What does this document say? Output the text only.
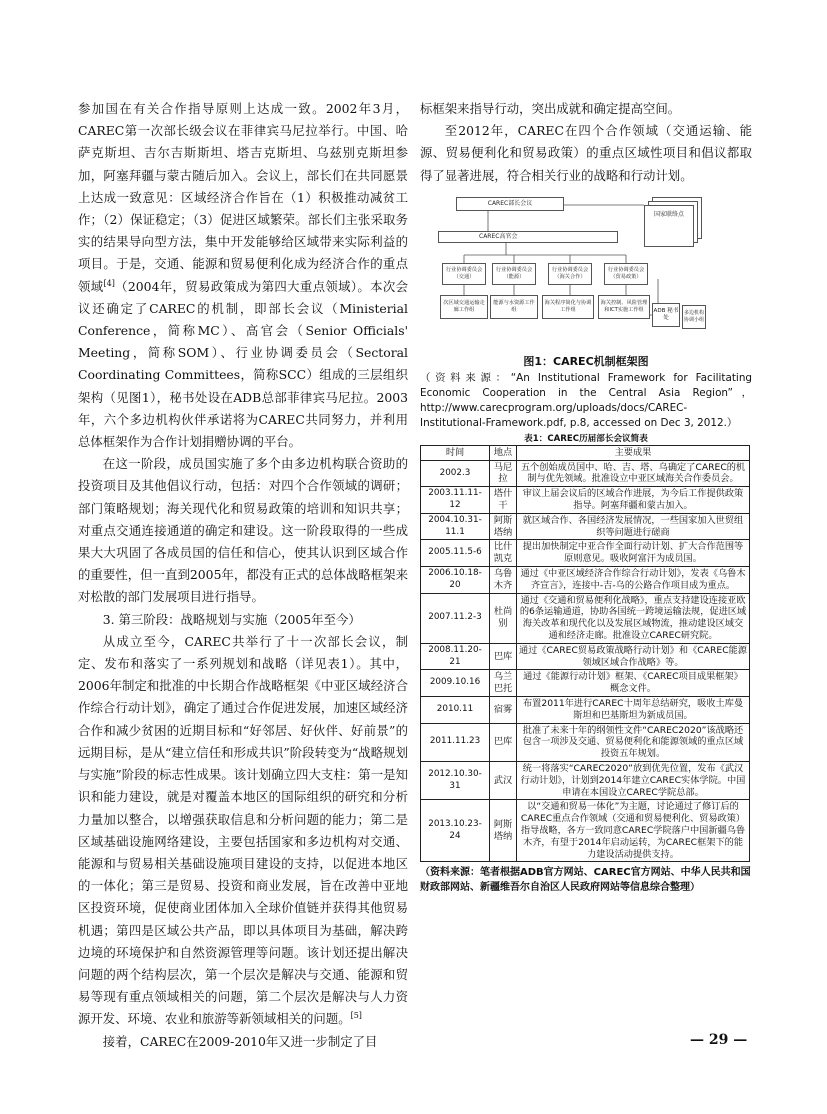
参加国在有关合作指导原则上达成一致。2002年3月，CAREC第一次部长级会议在菲律宾马尼拉举行。中国、哈萨克斯坦、吉尔吉斯斯坦、塔吉克斯坦、乌兹别克斯坦参加，阿塞拜疆与蒙古随后加入。会议上，部长们在共同愿景上达成一致意见：区域经济合作旨在（1）积极推动减贫工作；（2）保证稳定；（3）促进区域繁荣。部长们主张采取务实的结果导向型方法，集中开发能够给区域带来实际利益的项目。于是，交通、能源和贸易便利化成为经济合作的重点领域[4]（2004年，贸易政策成为第四大重点领域）。本次会议还确定了CAREC的机制，即部长会议（Ministerial Conference，简称MC）、高官会（Senior Officials' Meeting，简称SOM）、行业协调委员会（Sectoral Coordinating Committees，简称SCC）组成的三层组织架构（见图1），秘书处设在ADB总部菲律宾马尼拉。2003年，六个多边机构伙伴承诺将为CAREC共同努力，并利用总体框架作为合作计划捐赠协调的平台。

在这一阶段，成员国实施了多个由多边机构联合资助的投资项目及其他倡议行动，包括：对四个合作领域的调研；部门策略规划；海关现代化和贸易政策的培训和知识共享；对重点交通连接通道的确定和建设。这一阶段取得的一些成果大大巩固了各成员国的信任和信心，使其认识到区域合作的重要性，但一直到2005年，都没有正式的总体战略框架来对松散的部门发展项目进行指导。

3. 第三阶段：战略规划与实施（2005年至今）

从成立至今，CAREC共举行了十一次部长会议，制定、发布和落实了一系列规划和战略（详见表1）。其中，2006年制定和批准的中长期合作战略框架《中亚区域经济合作综合行动计划》，确定了通过合作促进发展，加速区域经济合作和减少贫困的近期目标和“好邻居、好伙伴、好前景”的远期目标，是从“建立信任和形成共识”阶段转变为“战略规划与实施”阶段的标志性成果。该计划确立四大支柱：第一是知识和能力建设，就是对覆盖本地区的国际组织的研究和分析力量加以整合，以增强获取信息和分析问题的能力；第二是区域基础设施网络建设，主要包括国家和多边机构对交通、能源和与贸易相关基础设施项目建设的支持，以促进本地区的一体化；第三是贸易、投资和商业发展，旨在改善中亚地区投资环境，促使商业团体加入全球价值链并获得其他贸易机遇；第四是区域公共产品，即以具体项目为基础，解决跨边境的环境保护和自然资源管理等问题。该计划还提出解决问题的两个结构层次，第一个层次是解决与交通、能源和贸易等现有重点领域相关的问题，第二个层次是解决与人力资源开发、环境、农业和旅游等新领域相关的问题。[5]

接着，CAREC在2009-2010年又进一步制定了目

标框架来指导行动，突出成就和确定提高空间。

至2012年，CAREC在四个合作领域（交通运输、能源、贸易便利化和贸易政策）的重点区域性项目和倡议都取得了显著进展，符合相关行业的战略和行动计划。

CAREC部长会议
CAREC高官会
国家联络点
行业协调委员会（交通）
行业协调委员会（能源）
行业协调委员会（海关合作）
行业协调委员会（贸易政策）
次区域交通运输走廊工作组
能源与水资源工作组
海关程序简化与协调工作组
海关控制、风险管理和ICT实施工作组	ADB 秘书处
多边机构协调小组

图1：CAREC机制框架图

（资料来源：“An Institutional Framework for Facilitating Economic Cooperation in the Central Asia Region”，http://www.carecprogram.org/uploads/docs/CAREC-Institutional-Framework.pdf, p.8, accessed on Dec 3, 2012.）

表1：CAREC历届部长会议简表

时间	地点	主要成果
2002.3	马尼拉	五个创始成员国中、哈、吉、塔、乌确定了CAREC的机制与优先领域。批准设立中亚区域海关合作委员会。
2003.11.11-12	塔什干	审议上届会议后的区域合作进展，为今后工作提供政策指导。阿塞拜疆和蒙古加入。
2004.10.31-11.1	阿斯塔纳	就区域合作、各国经济发展情况，一些国家加入世贸组织等问题进行磋商
2005.11.5-6	比什凯克	提出加快制定中亚合作全面行动计划、扩大合作范围等原则意见。吸收阿富汗为成员国。
2006.10.18-20	乌鲁木齐	通过《中亚区域经济合作综合行动计划》，发表《乌鲁木齐宣言》，连接中-吉-乌的公路合作项目成为重点。
2007.11.2-3	杜尚别	通过《交通和贸易便利化战略》，重点支持建设连接亚欧的6条运输通道，协助各国统一跨境运输法规，促进区域海关改革和现代化以及发展区域物流，推动建设区域交通和经济走廊。批准设立CAREC研究院。
2008.11.20-21	巴库	通过《CAREC贸易政策战略行动计划》和《CAREC能源领域区域合作战略》等。
2009.10.16	乌兰巴托	通过《能源行动计划》框架、《CAREC项目成果框架》概念文件。
2010.11	宿雾	布置2011年进行CAREC十周年总结研究，吸收土库曼斯坦和巴基斯坦为新成员国。
2011.11.23	巴库	批准了未来十年的纲领性文件“CAREC2020”该战略还包含一项涉及交通、贸易便利化和能源领域的重点区域投资五年规划。
2012.10.30-31	武汉	统一将落实“CAREC2020”放到优先位置，发布《武汉行动计划》，计划到2014年建立CAREC实体学院。中国申请在本国设立CAREC学院总部。
2013.10.23-24	阿斯塔纳	以“交通和贸易一体化”为主题，讨论通过了修订后的CAREC重点合作领域（交通和贸易便利化、贸易政策）指导战略，各方一致同意CAREC学院落户中国新疆乌鲁木齐，有望于2014年启动运转，为CAREC框架下的能力建设活动提供支持。

（资料来源：笔者根据ADB官方网站、CAREC官方网站、中华人民共和国财政部网站、新疆维吾尔自治区人民政府网站等信息综合整理）

— 29 —
